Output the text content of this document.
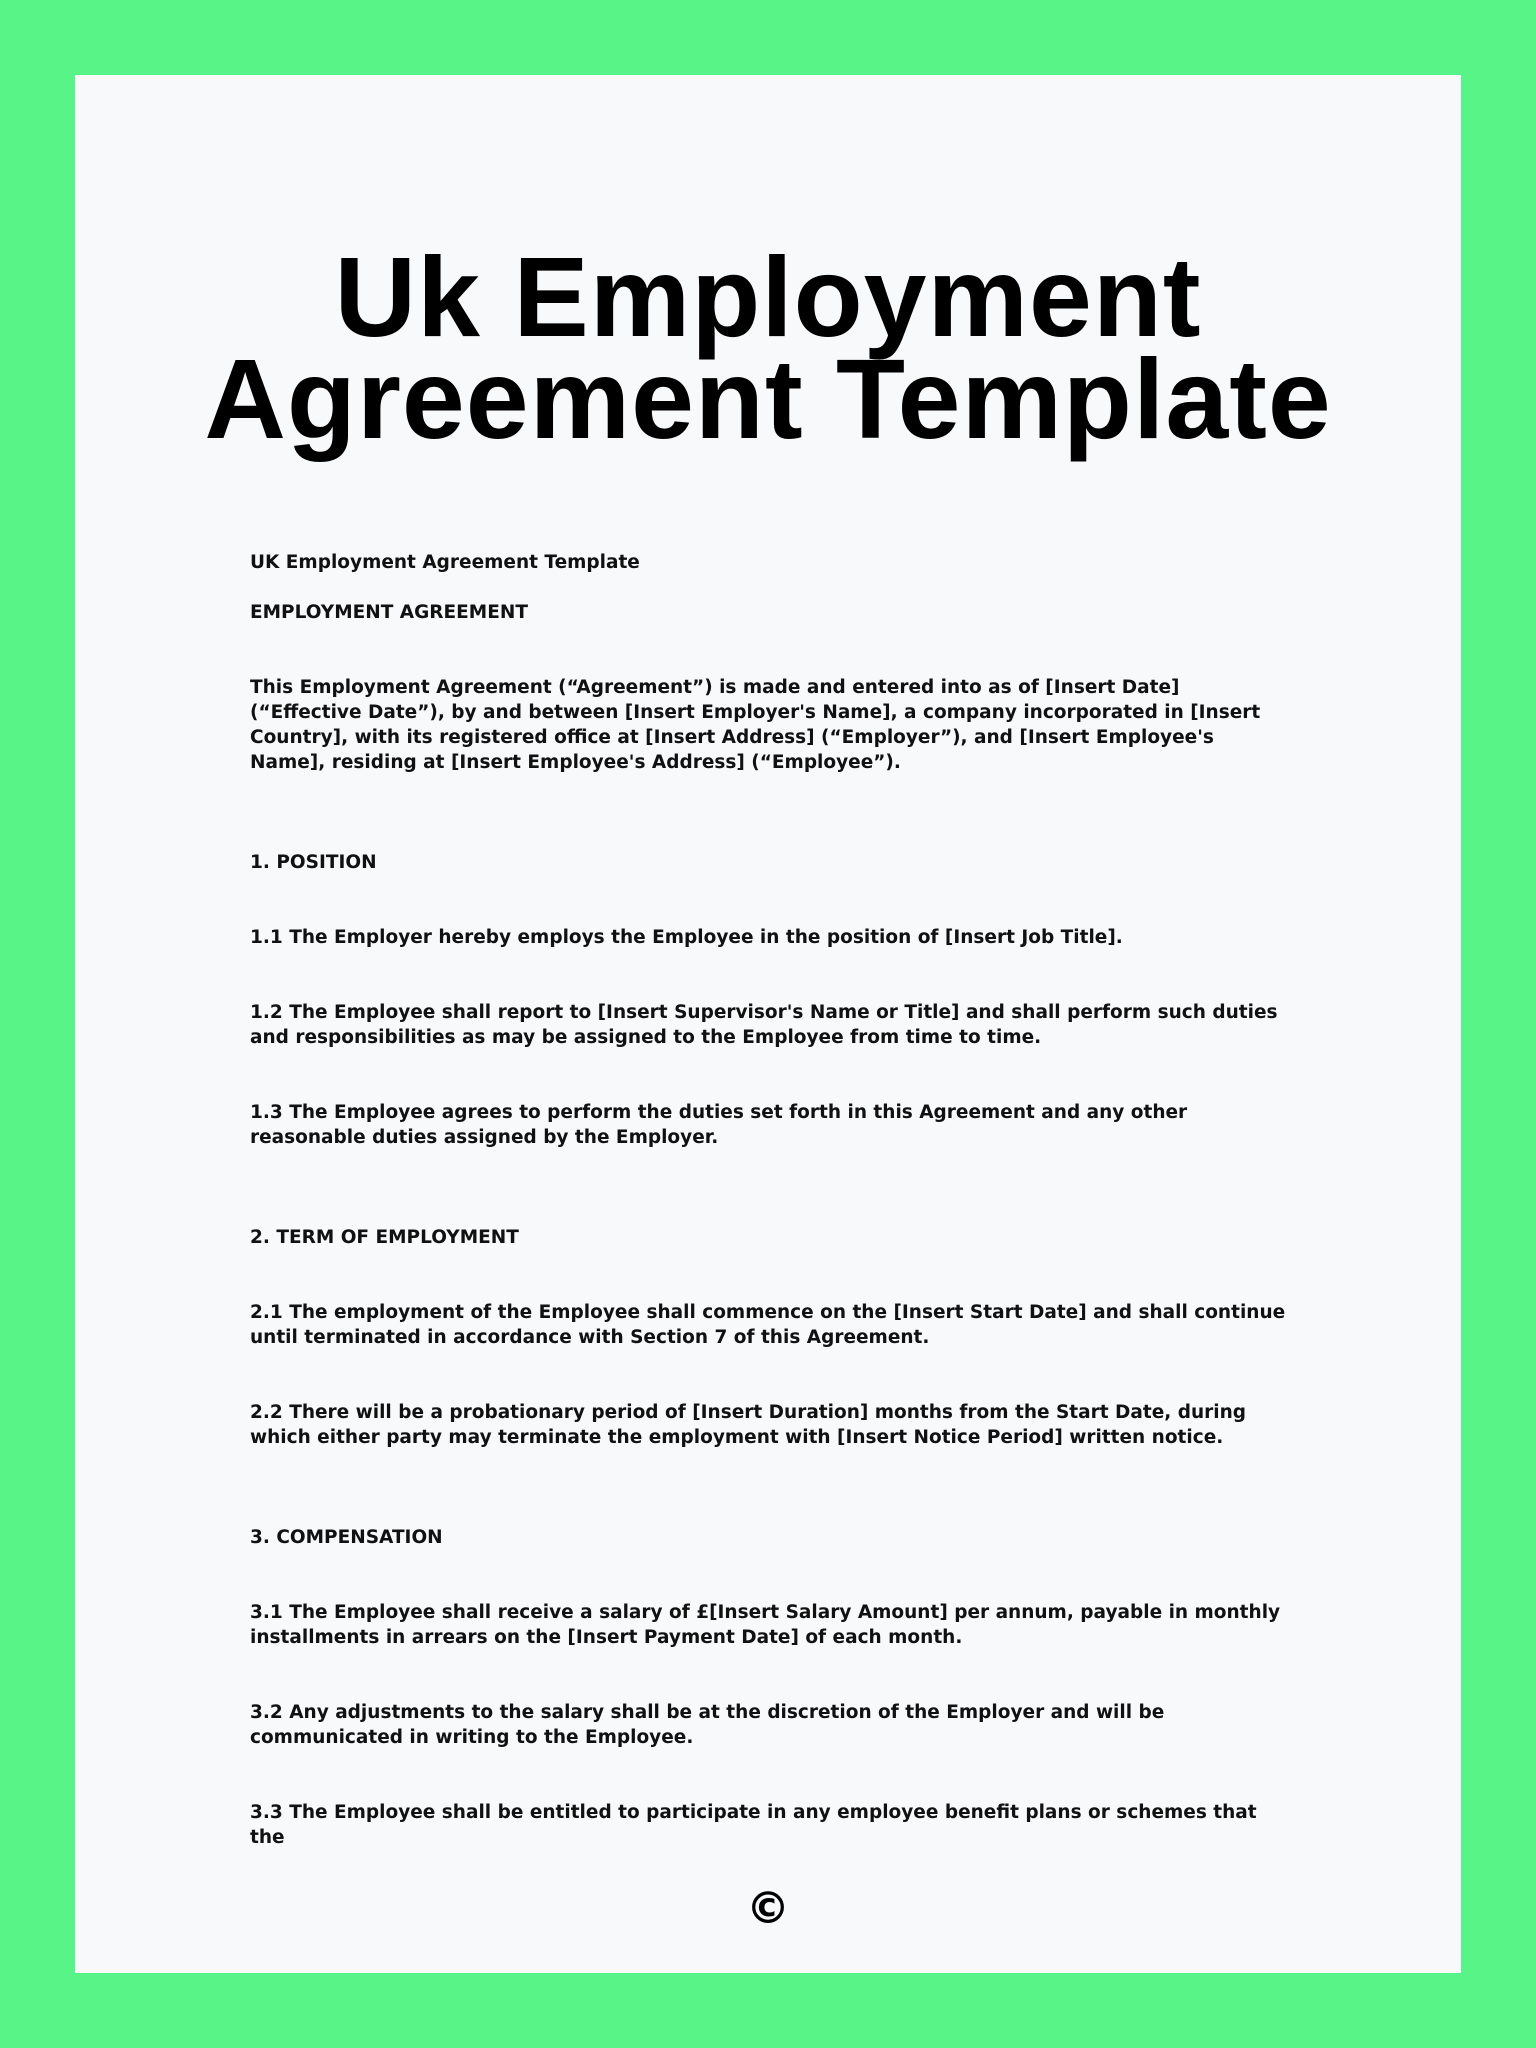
Uk Employment Agreement Template

UK Employment Agreement Template

EMPLOYMENT AGREEMENT

This Employment Agreement (“Agreement”) is made and entered into as of [Insert Date] (“Effective Date”), by and between [Insert Employer's Name], a company incorporated in [Insert Country], with its registered office at [Insert Address] (“Employer”), and [Insert Employee's Name], residing at [Insert Employee's Address] (“Employee”).

1. POSITION

1.1 The Employer hereby employs the Employee in the position of [Insert Job Title].

1.2 The Employee shall report to [Insert Supervisor's Name or Title] and shall perform such duties and responsibilities as may be assigned to the Employee from time to time.

1.3 The Employee agrees to perform the duties set forth in this Agreement and any other reasonable duties assigned by the Employer.

2. TERM OF EMPLOYMENT

2.1 The employment of the Employee shall commence on the [Insert Start Date] and shall continue until terminated in accordance with Section 7 of this Agreement.

2.2 There will be a probationary period of [Insert Duration] months from the Start Date, during which either party may terminate the employment with [Insert Notice Period] written notice.

3. COMPENSATION

3.1 The Employee shall receive a salary of £[Insert Salary Amount] per annum, payable in monthly installments in arrears on the [Insert Payment Date] of each month.

3.2 Any adjustments to the salary shall be at the discretion of the Employer and will be communicated in writing to the Employee.

3.3 The Employee shall be entitled to participate in any employee benefit plans or schemes that the

©
